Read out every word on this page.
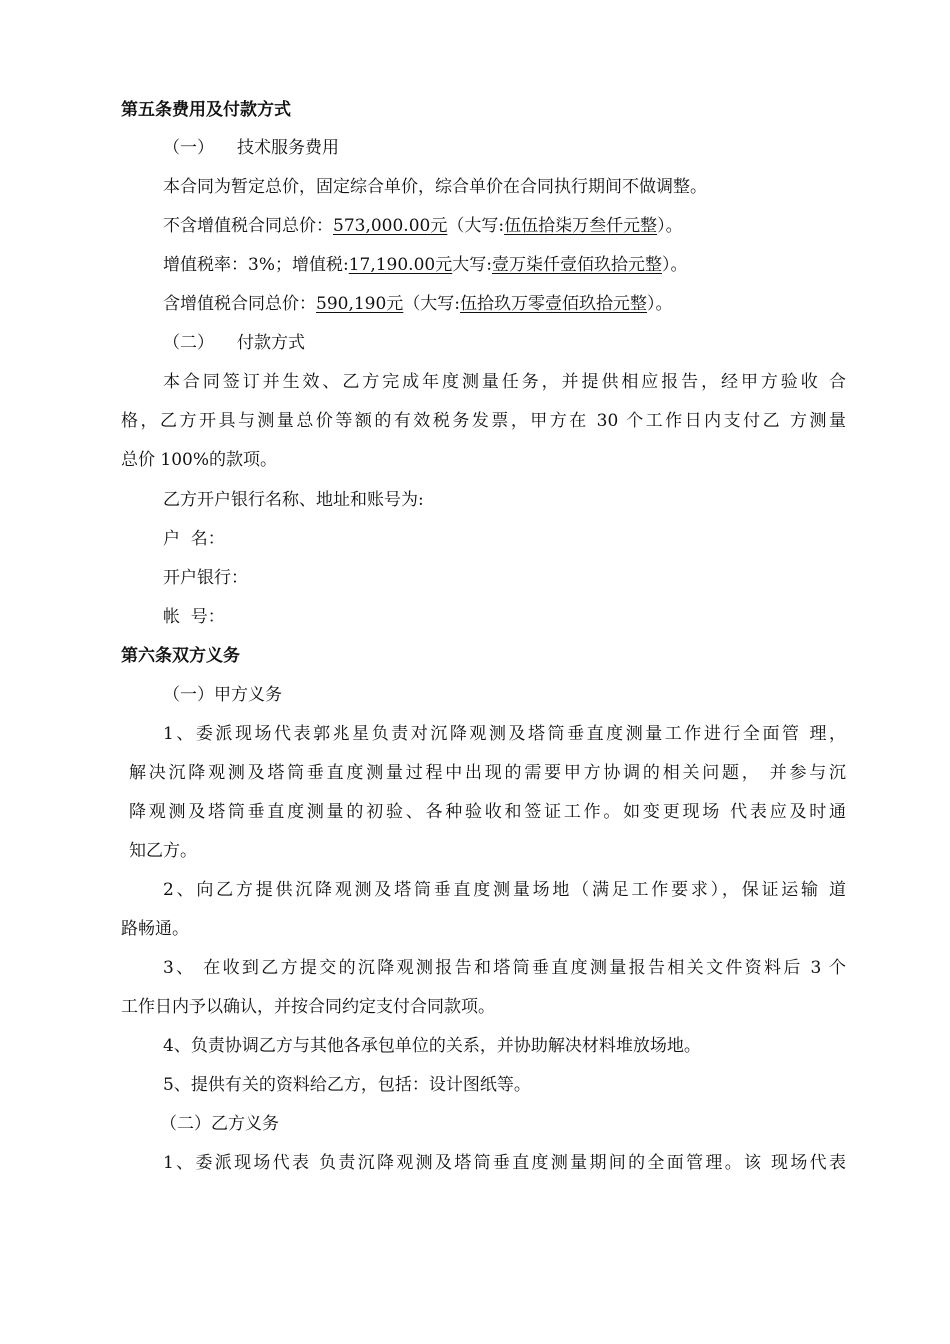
第五条费用及付款方式
（一） 技术服务费用
本合同为暂定总价，固定综合单价，综合单价在合同执行期间不做调整。
不含增值税合同总价：573,000.00元（大写:伍伍拾柒万叁仟元整）。
增值税率：3%；增值税:17,190.00元大写:壹万柒仟壹佰玖拾元整）。
含增值税合同总价：590,190元（大写:伍拾玖万零壹佰玖拾元整）。
（二） 付款方式
本合同签订并生效、乙方完成年度测量任务，并提供相应报告，经甲方验收 合
格，乙方开具与测量总价等额的有效税务发票，甲方在 30 个工作日内支付乙 方测量
总价 100%的款项。
乙方开户银行名称、地址和账号为:
户  名：
开户银行：
帐  号：
第六条双方义务
（一）甲方义务
1、委派现场代表郭兆星负责对沉降观测及塔筒垂直度测量工作进行全面管 理，
解决沉降观测及塔筒垂直度测量过程中出现的需要甲方协调的相关问题， 并参与沉
降观测及塔筒垂直度测量的初验、各种验收和签证工作。如变更现场 代表应及时通
知乙方。
2、向乙方提供沉降观测及塔筒垂直度测量场地（满足工作要求），保证运输 道
路畅通。
3、 在收到乙方提交的沉降观测报告和塔筒垂直度测量报告相关文件资料后 3 个
工作日内予以确认，并按合同约定支付合同款项。
4、负责协调乙方与其他各承包单位的关系，并协助解决材料堆放场地。
5、提供有关的资料给乙方，包括：设计图纸等。
（二）乙方义务
1、委派现场代表 负责沉降观测及塔筒垂直度测量期间的全面管理。该 现场代表
